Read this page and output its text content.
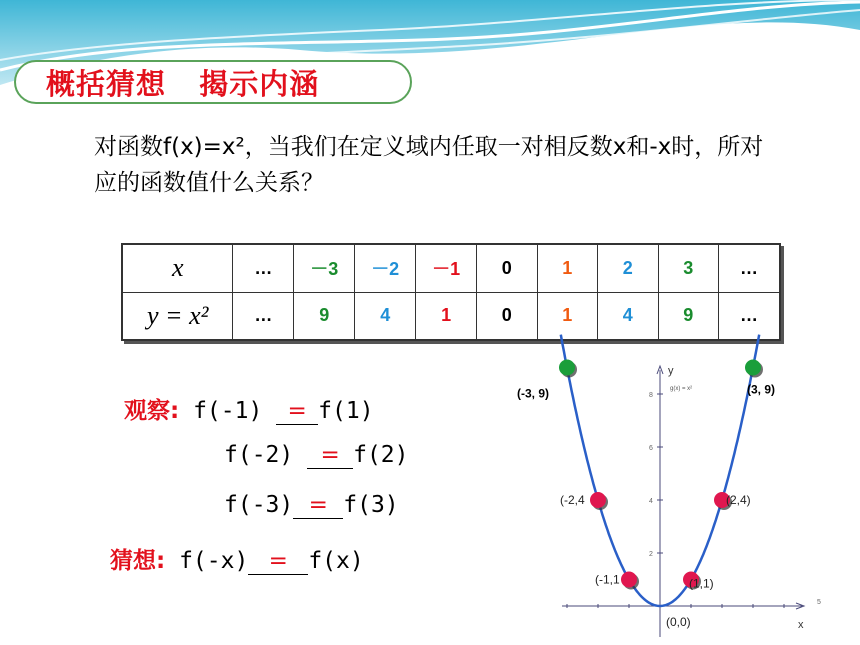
概括猜想   揭示内涵
对函数f(x)=x²，当我们在定义域内任取一对相反数x和-x时，所对应的函数值什么关系？
x	…	－3	－2	－1	0	1	2	3	…
y = x²	…	9	4	1	0	1	4	9	…
观察: f(-1) = f(1)
f(-2) = f(2)
f(-3) = f(3)
猜想: f(-x) = f(x)	2
4
6
8
5
y
x
g(x) = x²
(-3, 9)	(3, 9)
(-2,4	(2,4)
(-1,1	(1,1)
(0,0)
